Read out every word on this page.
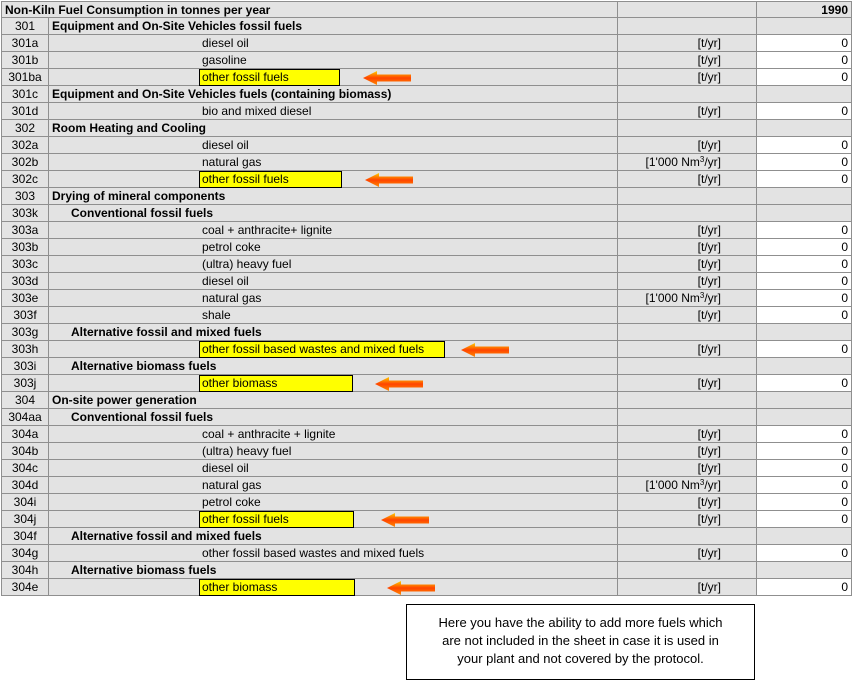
Non-Kiln Fuel Consumption in tonnes per year	1990
301	Equipment and On-Site Vehicles fossil fuels
301a	diesel oil	[t/yr]	0
301b	gasoline	[t/yr]	0
301ba	other fossil fuels	[t/yr]	0
301c	Equipment and On-Site Vehicles fuels (containing biomass)
301d	bio and mixed diesel	[t/yr]	0
302	Room Heating and Cooling
302a	diesel oil	[t/yr]	0
302b	natural gas	[1'000 Nm$^3$/yr]	0
302c	other fossil fuels	[t/yr]	0
303	Drying of mineral components
303k	Conventional fossil fuels
303a	coal + anthracite+ lignite	[t/yr]	0
303b	petrol coke	[t/yr]	0
303c	(ultra) heavy fuel	[t/yr]	0
303d	diesel oil	[t/yr]	0
303e	natural gas	[1'000 Nm$^3$/yr]	0
303f	shale	[t/yr]	0
303g	Alternative fossil and mixed fuels
303h	other fossil based wastes and mixed fuels	[t/yr]	0
303i	Alternative biomass fuels
303j	other biomass	[t/yr]	0
304	On-site power generation
304aa	Conventional fossil fuels
304a	coal + anthracite + lignite	[t/yr]	0
304b	(ultra) heavy fuel	[t/yr]	0
304c	diesel oil	[t/yr]	0
304d	natural gas	[1'000 Nm$^3$/yr]	0
304i	petrol coke	[t/yr]	0
304j	other fossil fuels	[t/yr]	0
304f	Alternative fossil and mixed fuels
304g	other fossil based wastes and mixed fuels	[t/yr]	0
304h	Alternative biomass fuels
304e	other biomass	[t/yr]	0
Here you have the ability to add more fuels which
are not included in the sheet in case it is used in
your plant and not covered by the protocol.
